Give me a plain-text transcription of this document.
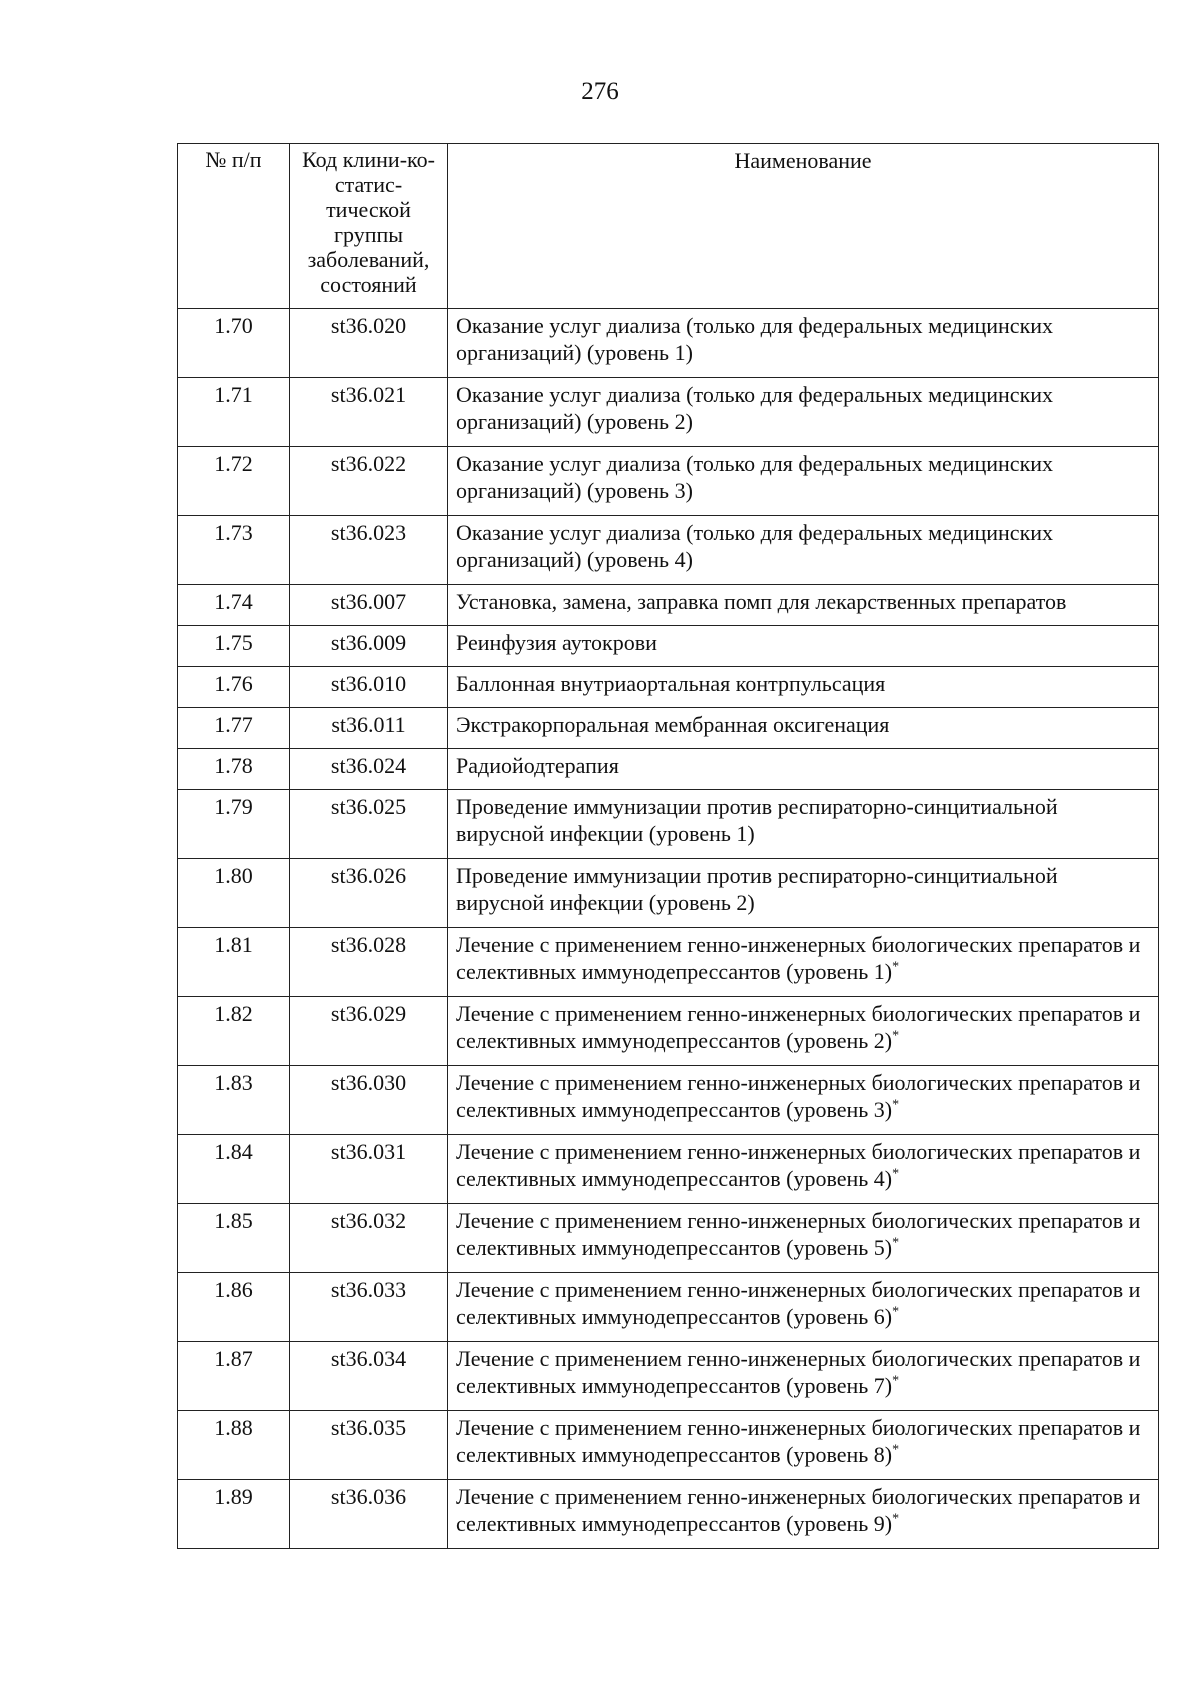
276
№ п/п	Код клини-ко-статис-тической группы заболеваний, состояний	Наименование
1.70	st36.020	Оказание услуг диализа (только для федеральных медицинских организаций) (уровень 1)
1.71	st36.021	Оказание услуг диализа (только для федеральных медицинских организаций) (уровень 2)
1.72	st36.022	Оказание услуг диализа (только для федеральных медицинских организаций) (уровень 3)
1.73	st36.023	Оказание услуг диализа (только для федеральных медицинских организаций) (уровень 4)
1.74	st36.007	Установка, замена, заправка помп для лекарственных препаратов
1.75	st36.009	Реинфузия аутокрови
1.76	st36.010	Баллонная внутриаортальная контрпульсация
1.77	st36.011	Экстракорпоральная мембранная оксигенация
1.78	st36.024	Радиойодтерапия
1.79	st36.025	Проведение иммунизации против респираторно-синцитиальной вирусной инфекции (уровень 1)
1.80	st36.026	Проведение иммунизации против респираторно-синцитиальной вирусной инфекции (уровень 2)
1.81	st36.028	Лечение с применением генно-инженерных биологических препаратов и селективных иммунодепрессантов (уровень 1)*
1.82	st36.029	Лечение с применением генно-инженерных биологических препаратов и селективных иммунодепрессантов (уровень 2)*
1.83	st36.030	Лечение с применением генно-инженерных биологических препаратов и селективных иммунодепрессантов (уровень 3)*
1.84	st36.031	Лечение с применением генно-инженерных биологических препаратов и селективных иммунодепрессантов (уровень 4)*
1.85	st36.032	Лечение с применением генно-инженерных биологических препаратов и селективных иммунодепрессантов (уровень 5)*
1.86	st36.033	Лечение с применением генно-инженерных биологических препаратов и селективных иммунодепрессантов (уровень 6)*
1.87	st36.034	Лечение с применением генно-инженерных биологических препаратов и селективных иммунодепрессантов (уровень 7)*
1.88	st36.035	Лечение с применением генно-инженерных биологических препаратов и селективных иммунодепрессантов (уровень 8)*
1.89	st36.036	Лечение с применением генно-инженерных биологических препаратов и селективных иммунодепрессантов (уровень 9)*
